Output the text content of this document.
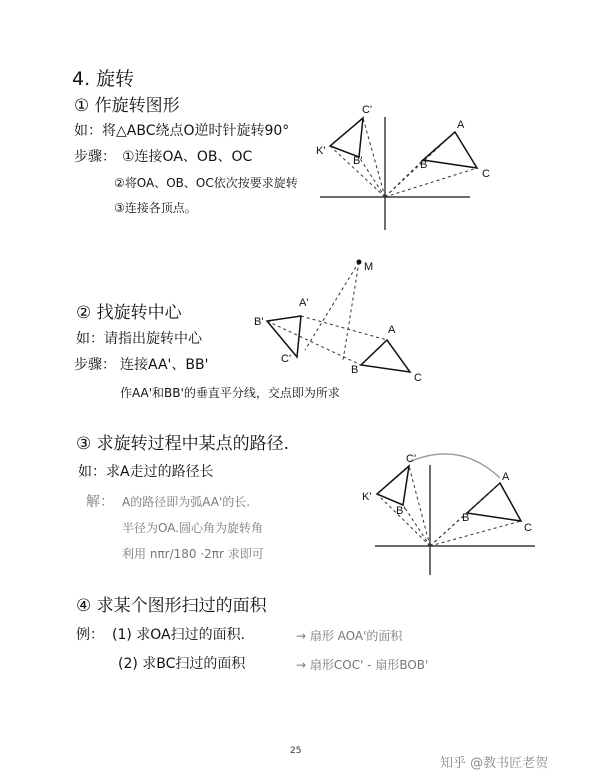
4. 旋转
① 作旋转图形
如：将△ABC绕点O逆时针旋转90°
步骤： ①连接OA、OB、OC
②将OA、OB、OC依次按要求旋转
③连接各顶点。
A
B
C
C'
K'
B'
② 找旋转中心
如：请指出旋转中心
步骤： 连接AA'、BB'
作AA'和BB'的垂直平分线，交点即为所求
M
A'
B'
C'
A
B
C
③ 求旋转过程中某点的路径.
如：求A走过的路径长
解： A的路径即为弧AA'的长.
半径为OA.圆心角为旋转角
利用 nπr/180 ·2πr 求即可
A
B
C
C'
K'
B'
④ 求某个图形扫过的面积
例： (1) 求OA扫过的面积.	→ 扇形 AOA'的面积
(2) 求BC扫过的面积	→ 扇形COC' - 扇形BOB'
25
知乎 @教书匠老贺
